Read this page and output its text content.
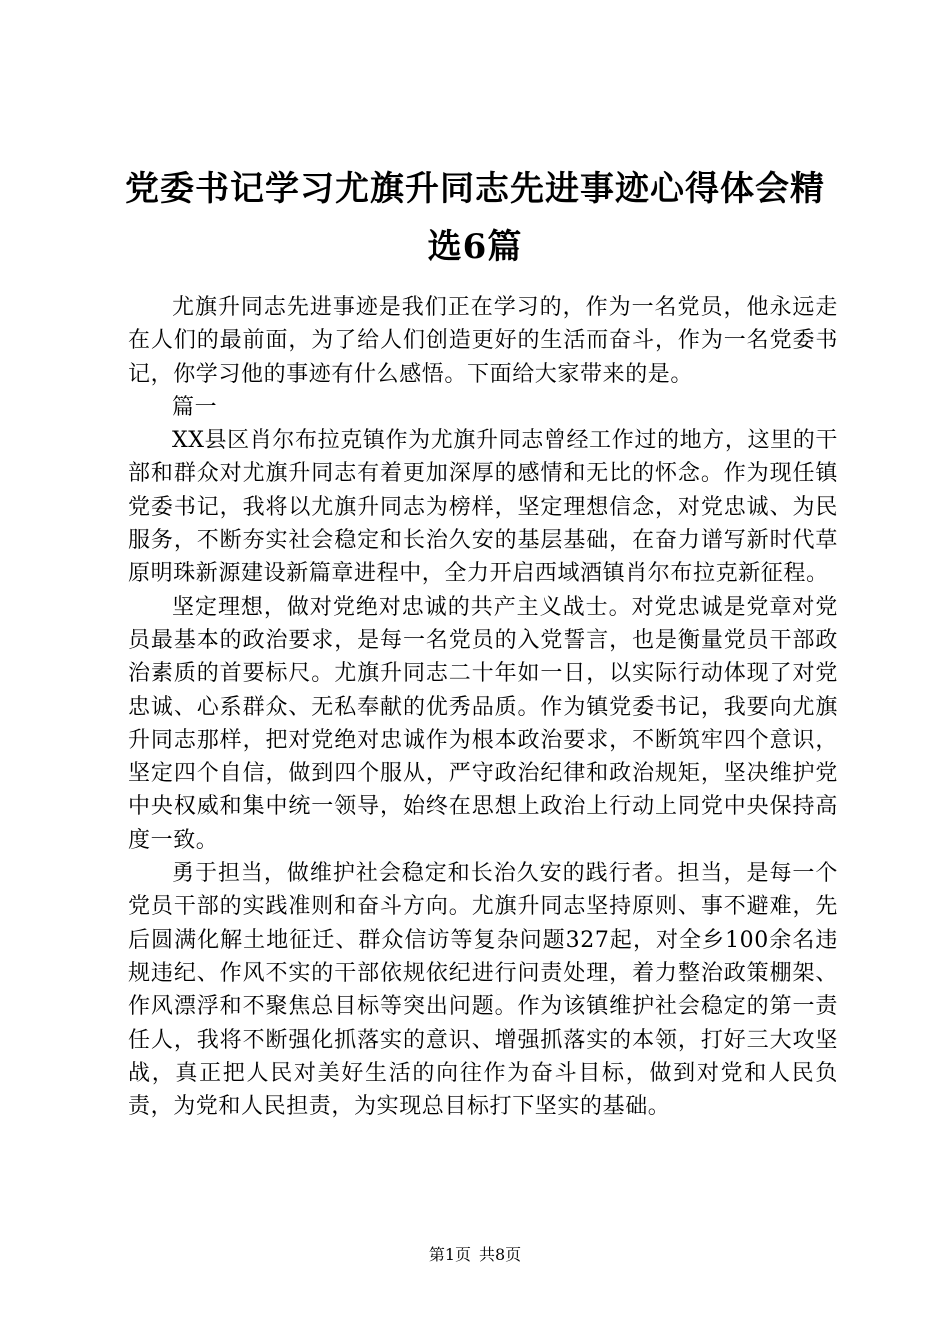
党委书记学习尤旗升同志先进事迹心得体会精选6篇

尤旗升同志先进事迹是我们正在学习的，作为一名党员，他永远走在人们的最前面，为了给人们创造更好的生活而奋斗，作为一名党委书记，你学习他的事迹有什么感悟。下面给大家带来的是。

篇一

XX县区肖尔布拉克镇作为尤旗升同志曾经工作过的地方，这里的干部和群众对尤旗升同志有着更加深厚的感情和无比的怀念。作为现任镇党委书记，我将以尤旗升同志为榜样，坚定理想信念，对党忠诚、为民服务，不断夯实社会稳定和长治久安的基层基础，在奋力谱写新时代草原明珠新源建设新篇章进程中，全力开启西域酒镇肖尔布拉克新征程。

坚定理想，做对党绝对忠诚的共产主义战士。对党忠诚是党章对党员最基本的政治要求，是每一名党员的入党誓言，也是衡量党员干部政治素质的首要标尺。尤旗升同志二十年如一日，以实际行动体现了对党忠诚、心系群众、无私奉献的优秀品质。作为镇党委书记，我要向尤旗升同志那样，把对党绝对忠诚作为根本政治要求，不断筑牢四个意识，坚定四个自信，做到四个服从，严守政治纪律和政治规矩，坚决维护党中央权威和集中统一领导，始终在思想上政治上行动上同党中央保持高度一致。

勇于担当，做维护社会稳定和长治久安的践行者。担当，是每一个党员干部的实践准则和奋斗方向。尤旗升同志坚持原则、事不避难，先后圆满化解土地征迁、群众信访等复杂问题327起，对全乡100余名违规违纪、作风不实的干部依规依纪进行问责处理，着力整治政策棚架、作风漂浮和不聚焦总目标等突出问题。作为该镇维护社会稳定的第一责任人，我将不断强化抓落实的意识、增强抓落实的本领，打好三大攻坚战，真正把人民对美好生活的向往作为奋斗目标，做到对党和人民负责，为党和人民担责，为实现总目标打下坚实的基础。

第1页 共8页
